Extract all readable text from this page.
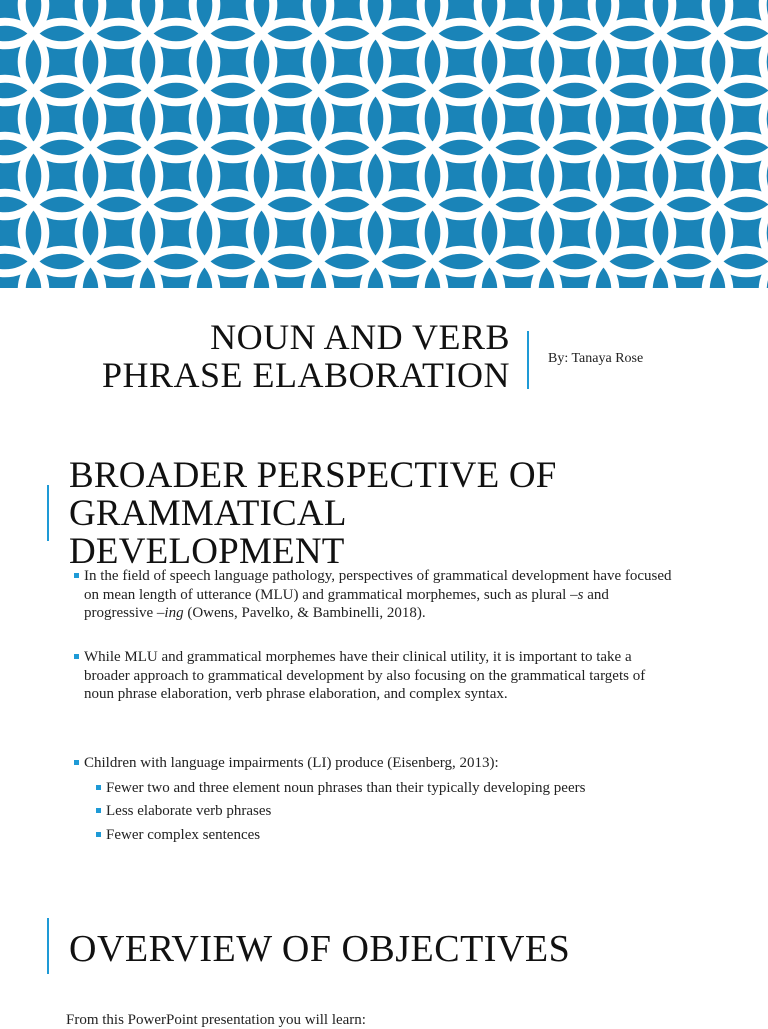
NOUN AND VERB
PHRASE ELABORATION	By: Tanaya Rose
BROADER PERSPECTIVE OF
GRAMMATICAL
DEVELOPMENT
In the field of speech language pathology, perspectives of grammatical development have focused on mean length of utterance (MLU) and grammatical morphemes, such as plural –s and progressive –ing (Owens, Pavelko, & Bambinelli, 2018).
While MLU and grammatical morphemes have their clinical utility, it is important to take a broader approach to grammatical development by also focusing on the grammatical targets of noun phrase elaboration, verb phrase elaboration, and complex syntax.
Children with language impairments (LI) produce (Eisenberg, 2013):
Fewer two and three element noun phrases than their typically developing peers
Less elaborate verb phrases
Fewer complex sentences
OVERVIEW OF OBJECTIVES
From this PowerPoint presentation you will learn:
